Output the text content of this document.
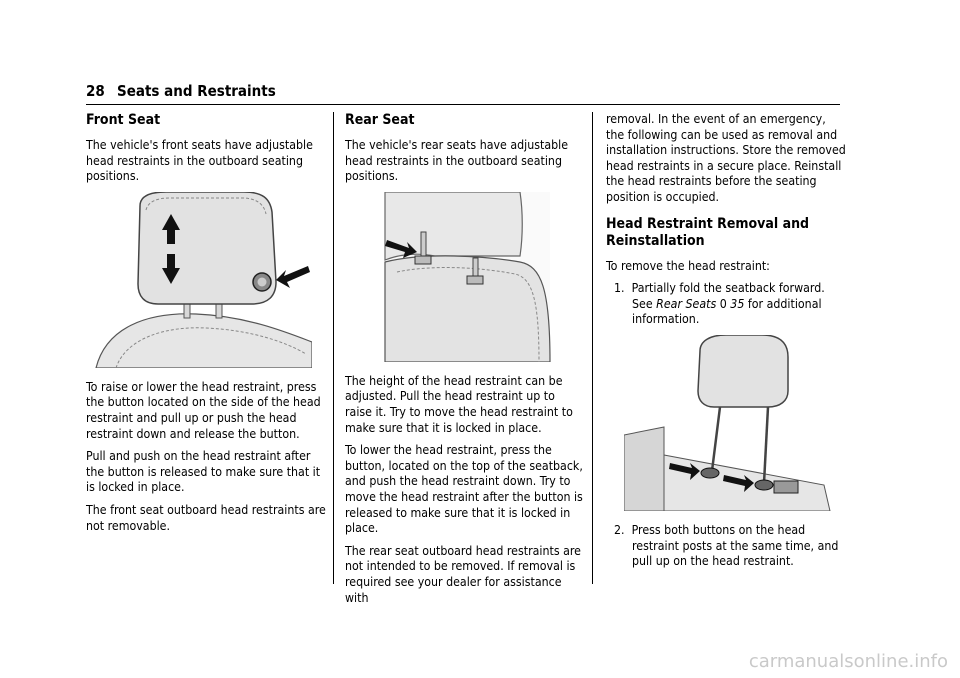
28 Seats and Restraints
Front Seat

The vehicle's front seats have adjustable head restraints in the outboard seating positions.

To raise or lower the head restraint, press the button located on the side of the head restraint and pull up or push the head restraint down and release the button.

Pull and push on the head restraint after the button is released to make sure that it is locked in place.

The front seat outboard head restraints are not removable.

Rear Seat

The vehicle's rear seats have adjustable head restraints in the outboard seating positions.

The height of the head restraint can be adjusted. Pull the head restraint up to raise it. Try to move the head restraint to make sure that it is locked in place.

To lower the head restraint, press the button, located on the top of the seatback, and push the head restraint down. Try to move the head restraint after the button is released to make sure that it is locked in place.

The rear seat outboard head restraints are not intended to be removed. If removal is required see your dealer for assistance with

removal. In the event of an emergency, the following can be used as removal and installation instructions. Store the removed head restraints in a secure place. Reinstall the head restraints before the seating position is occupied.

Head Restraint Removal and Reinstallation

To remove the head restraint:

1. Partially fold the seatback forward. See Rear Seats 0 35 for additional information.

2. Press both buttons on the head restraint posts at the same time, and pull up on the head restraint.

carmanualsonline.info
